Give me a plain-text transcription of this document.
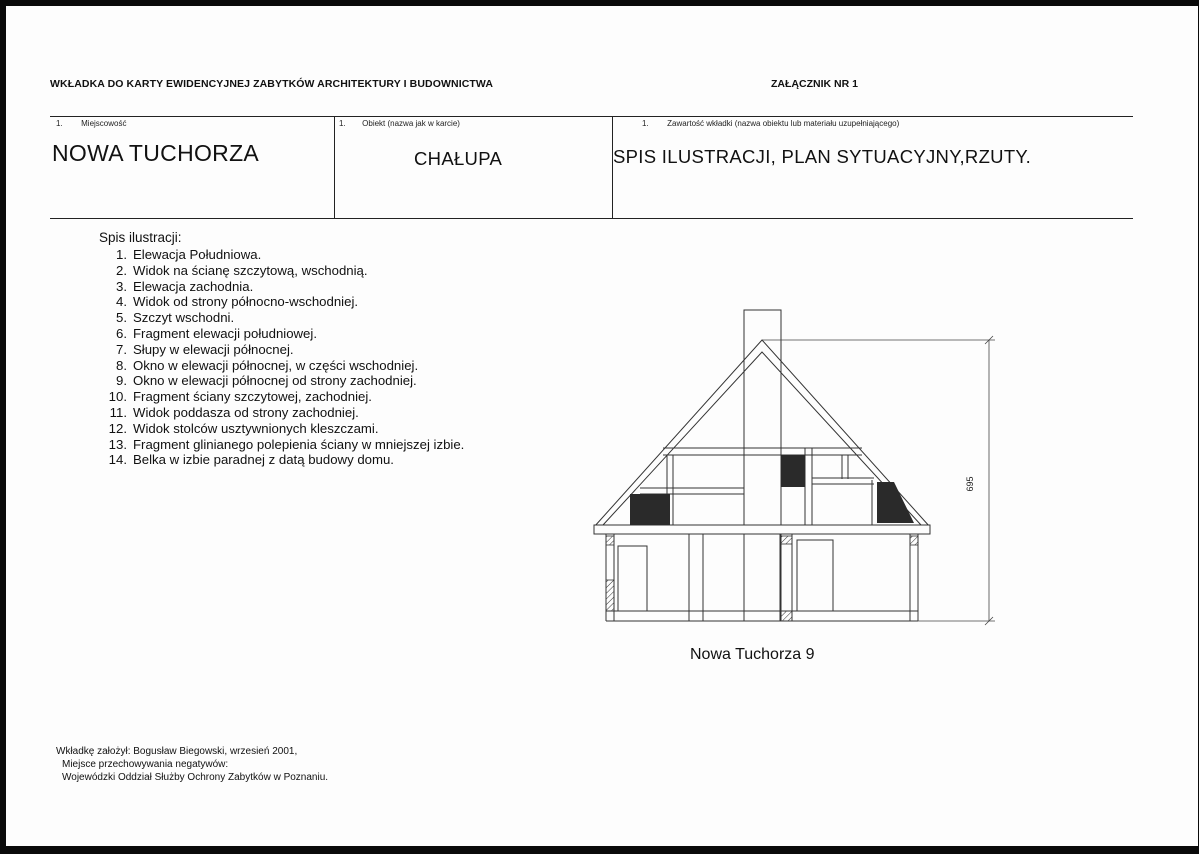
WKŁADKA DO KARTY EWIDENCYJNEJ ZABYTKÓW ARCHITEKTURY I BUDOWNICTWA	ZAŁĄCZNIK NR 1
1. Miejscowość
NOWA TUCHORZA
1. Obiekt (nazwa jak w karcie)
CHAŁUPA
1. Zawartość wkładki (nazwa obiektu lub materiału uzupełniającego)
SPIS ILUSTRACJI, PLAN SYTUACYJNY,RZUTY.
Spis ilustracji:
1. Elewacja Południowa.
2. Widok na ścianę szczytową, wschodnią.
3. Elewacja zachodnia.
4. Widok od strony północno-wschodniej.
5. Szczyt wschodni.
6. Fragment elewacji południowej.
7. Słupy w elewacji północnej.
8. Okno w elewacji północnej, w części wschodniej.
9. Okno w elewacji północnej od strony zachodniej.
10. Fragment ściany szczytowej, zachodniej.
11. Widok poddasza od strony zachodniej.
12. Widok stolców usztywnionych kleszczami.
13. Fragment glinianego polepienia ściany w mniejszej izbie.
14. Belka w izbie paradnej z datą budowy domu.
695
Nowa Tuchorza 9
Wkładkę założył: Bogusław Biegowski, wrzesień 2001,
Miejsce przechowywania negatywów:
Wojewódzki Oddział Służby Ochrony Zabytków w Poznaniu.
